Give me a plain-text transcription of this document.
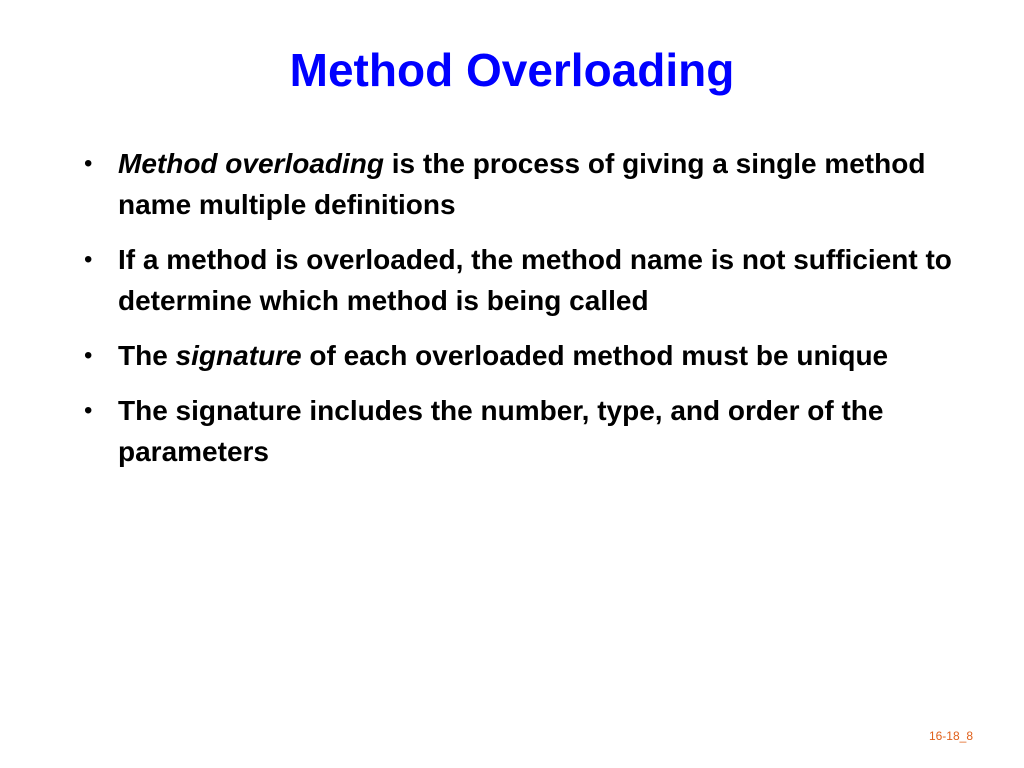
Method Overloading
• Method overloading is the process of giving a single method name multiple definitions
• If a method is overloaded, the method name is not sufficient to determine which method is being called
• The signature of each overloaded method must be unique
• The signature includes the number, type, and order of the parameters
16-18_8
